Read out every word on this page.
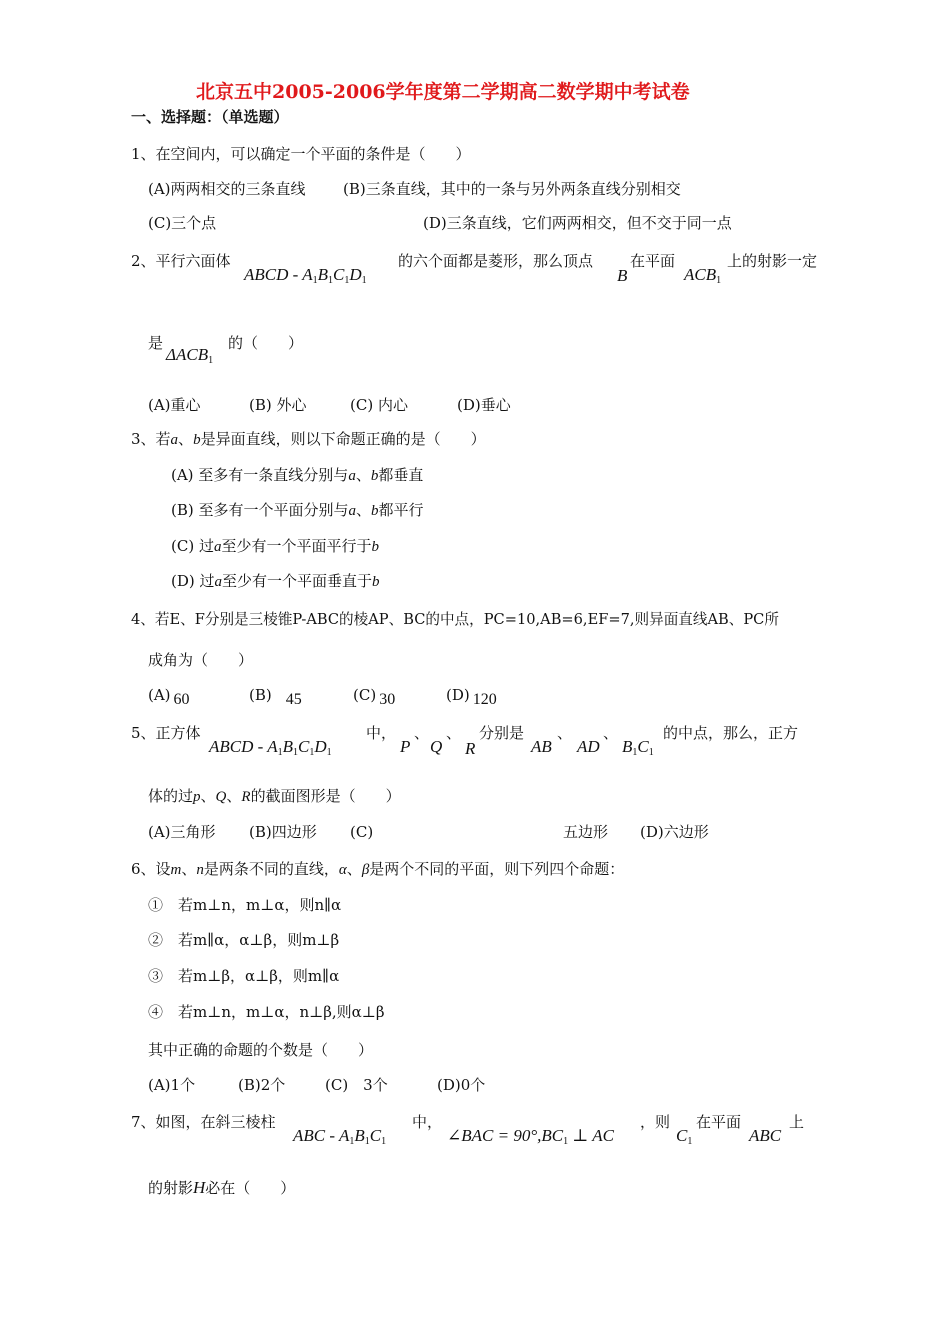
北京五中2005-2006学年度第二学期高二数学期中考试卷
一、选择题：（单选题）
1、在空间内，可以确定一个平面的条件是（　　）
(A)两两相交的三条直线 (B)三条直线，其中的一条与另外两条直线分别相交
(C)三个点	(D)三条直线，它们两两相交，但不交于同一点
2、平行六面体
ABCD - $A_1B_1C_1D_1$
的六个面都是菱形，那么顶点
B
在平面
$ACB_1$
上的射影一定
是
$\Delta ACB_1$
的（　　）
(A)重心	(B) 外心	(C) 内心	(D)垂心
3、若a、b是异面直线，则以下命题正确的是（　　）
(A) 至多有一条直线分别与a、b都垂直
(B) 至多有一个平面分别与a、b都平行
(C) 过a至少有一个平面平行于b
(D) 过a至少有一个平面垂直于b
4、若E、F分别是三棱锥P-ABC的棱AP、BC的中点，PC=10,AB=6,EF=7,则异面直线AB、PC所
成角为（　　）
(A) 60	(B) 45	(C) 30	(D) 120
5、正方体
ABCD - $A_1B_1C_1D_1$
中，
P
、
Q
、
R
分别是
AB
、
AD
、
$B_1C_1$
的中点，那么，正方
体的过p、Q、R的截面图形是（　　）
(A)三角形 (B)四边形 (C)	五边形 (D)六边形
6、设m、n是两条不同的直线，α、β是两个不同的平面，则下列四个命题：
①　若m⊥n，m⊥α，则n∥α
②　若m∥α，α⊥β，则m⊥β
③　若m⊥β，α⊥β，则m∥α
④　若m⊥n，m⊥α，n⊥β,则α⊥β
其中正确的命题的个数是（　　）
(A)1个	(B)2个	(C)　3个	(D)0个
7、如图，在斜三棱柱
ABC - $A_1B_1C_1$
中，
∠BAC = $90^\circ,BC_1$ ⊥ AC
，则
$C_1$
在平面
ABC
上
的射影H必在（　　）
